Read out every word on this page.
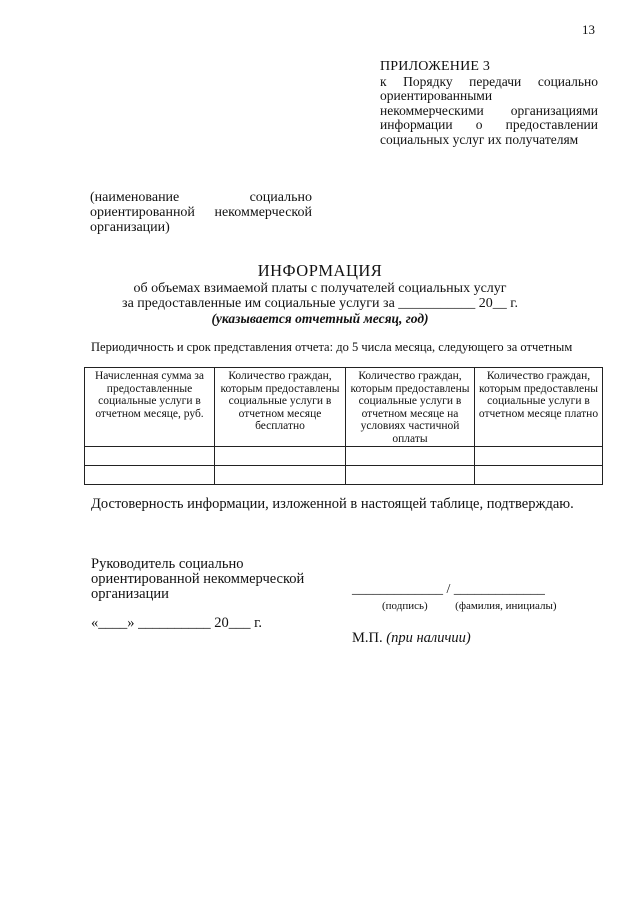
13
ПРИЛОЖЕНИЕ 3
к Порядку передачи социально ориентированными некоммерческими организациями информации о предоставлении социальных услуг их получателям
(наименование социально ориентированной некоммерческой организации)
ИНФОРМАЦИЯ
об объемах взимаемой платы с получателей социальных услуг
за предоставленные им социальные услуги за ___________ 20__ г.
(указывается отчетный месяц, год)
Периодичность и срок представления отчета: до 5 числа месяца, следующего за отчетным
Начисленная сумма за предоставленные социальные услуги в отчетном месяце, руб.	Количество граждан, которым предоставлены социальные услуги в отчетном месяце бесплатно	Количество граждан, которым предоставлены социальные услуги в отчетном месяце на условиях частичной оплаты	Количество граждан, которым предоставлены социальные услуги в отчетном месяце платно

Достоверность информации, изложенной в настоящей таблице, подтверждаю.
Руководитель социально ориентированной некоммерческой организации	_____________ / _____________
(подпись)	(фамилия, инициалы)
«____» __________ 20___ г.
М.П. (при наличии)
